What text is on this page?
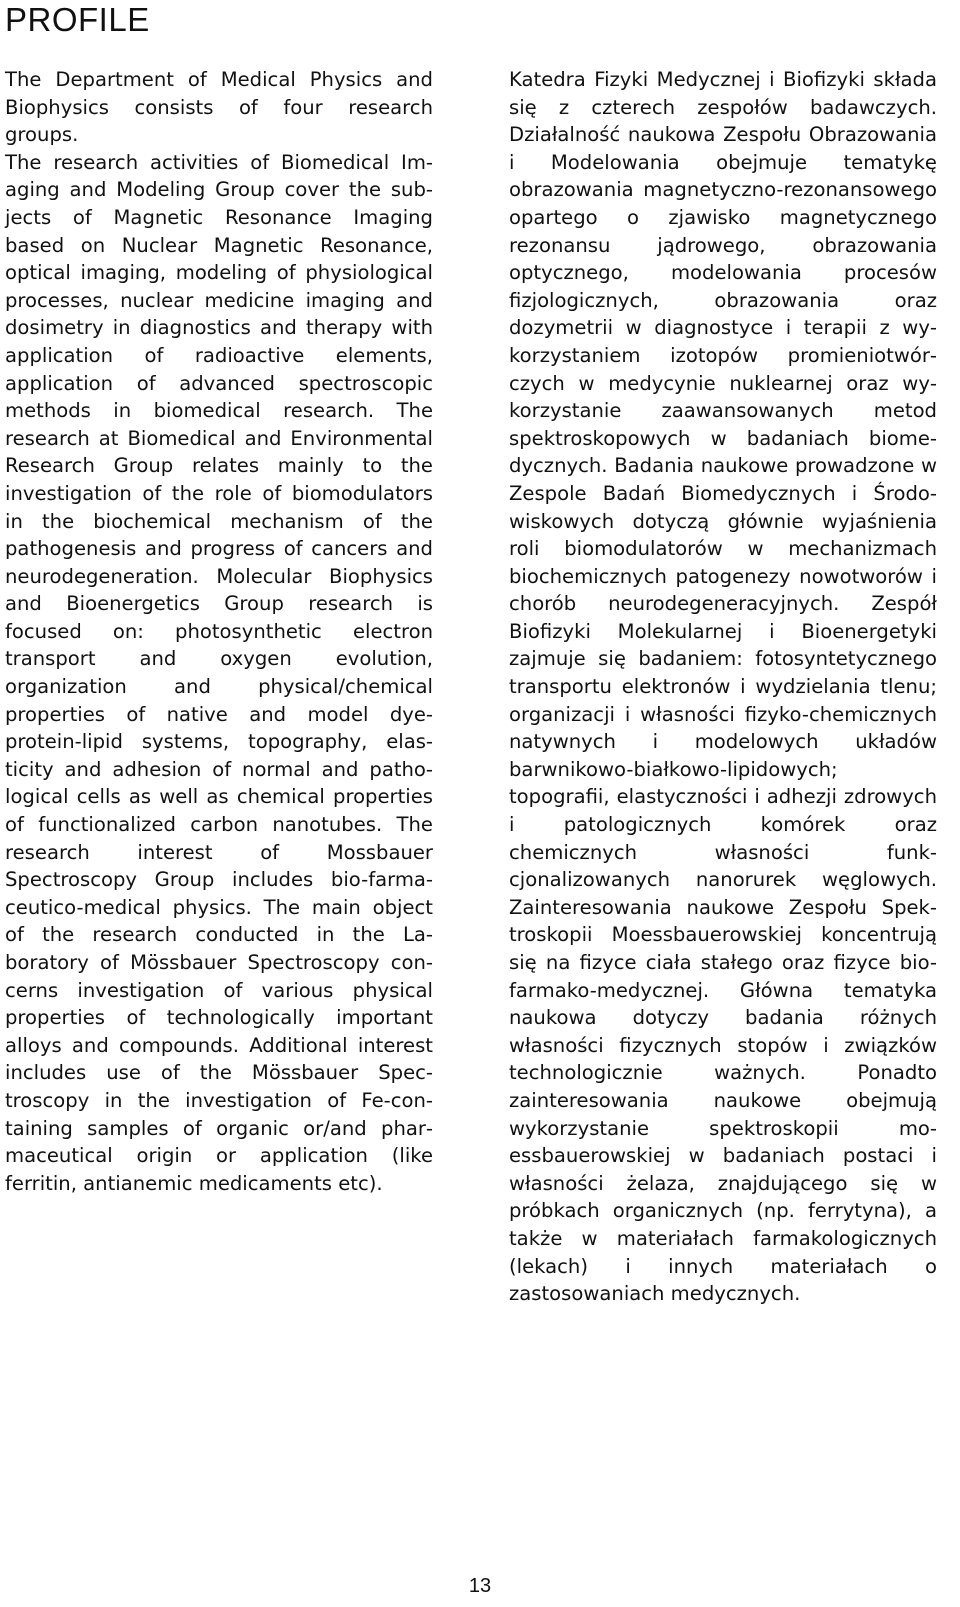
PROFILE

The Department of Medical Physics and Biophysics consists of four research groups.

The research activities of Biomedical Imaging and Modeling Group cover the subjects of Magnetic Resonance Imaging based on Nuclear Magnetic Resonance, optical imaging, modeling of physiological processes, nuclear medicine imaging and dosimetry in diagnostics and therapy with application of radioactive elements, application of advanced spectroscopic methods in biomedical research. The research at Biomedical and Environmental Research Group relates mainly to the investigation of the role of biomodulators in the biochemical mechanism of the pathogenesis and progress of cancers and neurodegeneration. Molecular Biophysics and Bioenergetics Group research is focused on: photosynthetic electron transport and oxygen evolution, organization and physical/chemical properties of native and model dye-protein-lipid systems, topography, elasticity and adhesion of normal and pathological cells as well as chemical properties of functionalized carbon nanotubes. The research interest of Mossbauer Spectroscopy Group includes bio-farmaceutico-medical physics. The main object of the research conducted in the Laboratory of Mössbauer Spectroscopy concerns investigation of various physical properties of technologically important alloys and compounds. Additional interest includes use of the Mössbauer Spectroscopy in the investigation of Fe-containing samples of organic or/and pharmaceutical origin or application (like ferritin, antianemic medicaments etc).

Katedra Fizyki Medycznej i Biofizyki składa się z czterech zespołów badawczych. Działalność naukowa Zespołu Obrazowania i Modelowania obejmuje tematykę obrazowania magnetyczno-rezonansowego opartego o zjawisko magnetycznego rezonansu jądrowego, obrazowania optycznego, modelowania procesów fizjologicznych, obrazowania oraz dozymetrii w diagnostyce i terapii z wykorzystaniem izotopów promieniotwórczych w medycynie nuklearnej oraz wykorzystanie zaawansowanych metod spektroskopowych w badaniach biomedycznych. Badania naukowe prowadzone w Zespole Badań Biomedycznych i Środowiskowych dotyczą głównie wyjaśnienia roli biomodulatorów w mechanizmach biochemicznych patogenezy nowotworów i chorób neurodegeneracyjnych. Zespół Biofizyki Molekularnej i Bioenergetyki zajmuje się badaniem: fotosyntetycznego transportu elektronów i wydzielania tlenu; organizacji i własności fizyko-chemicznych natywnych i modelowych układów barwnikowo-białkowo-lipidowych; topografii, elastyczności i adhezji zdrowych i patologicznych komórek oraz chemicznych własności funkcjonalizowanych nanorurek węglowych. Zainteresowania naukowe Zespołu Spektroskopii Moessbauerowskiej koncentrują się na fizyce ciała stałego oraz fizyce bio-farmako-medycznej. Główna tematyka naukowa dotyczy badania różnych własności fizycznych stopów i związków technologicznie ważnych. Ponadto zainteresowania naukowe obejmują wykorzystanie spektroskopii moessbauerowskiej w badaniach postaci i własności żelaza, znajdującego się w próbkach organicznych (np. ferrytyna), a także w materiałach farmakologicznych (lekach) i innych materiałach o zastosowaniach medycznych.

13
